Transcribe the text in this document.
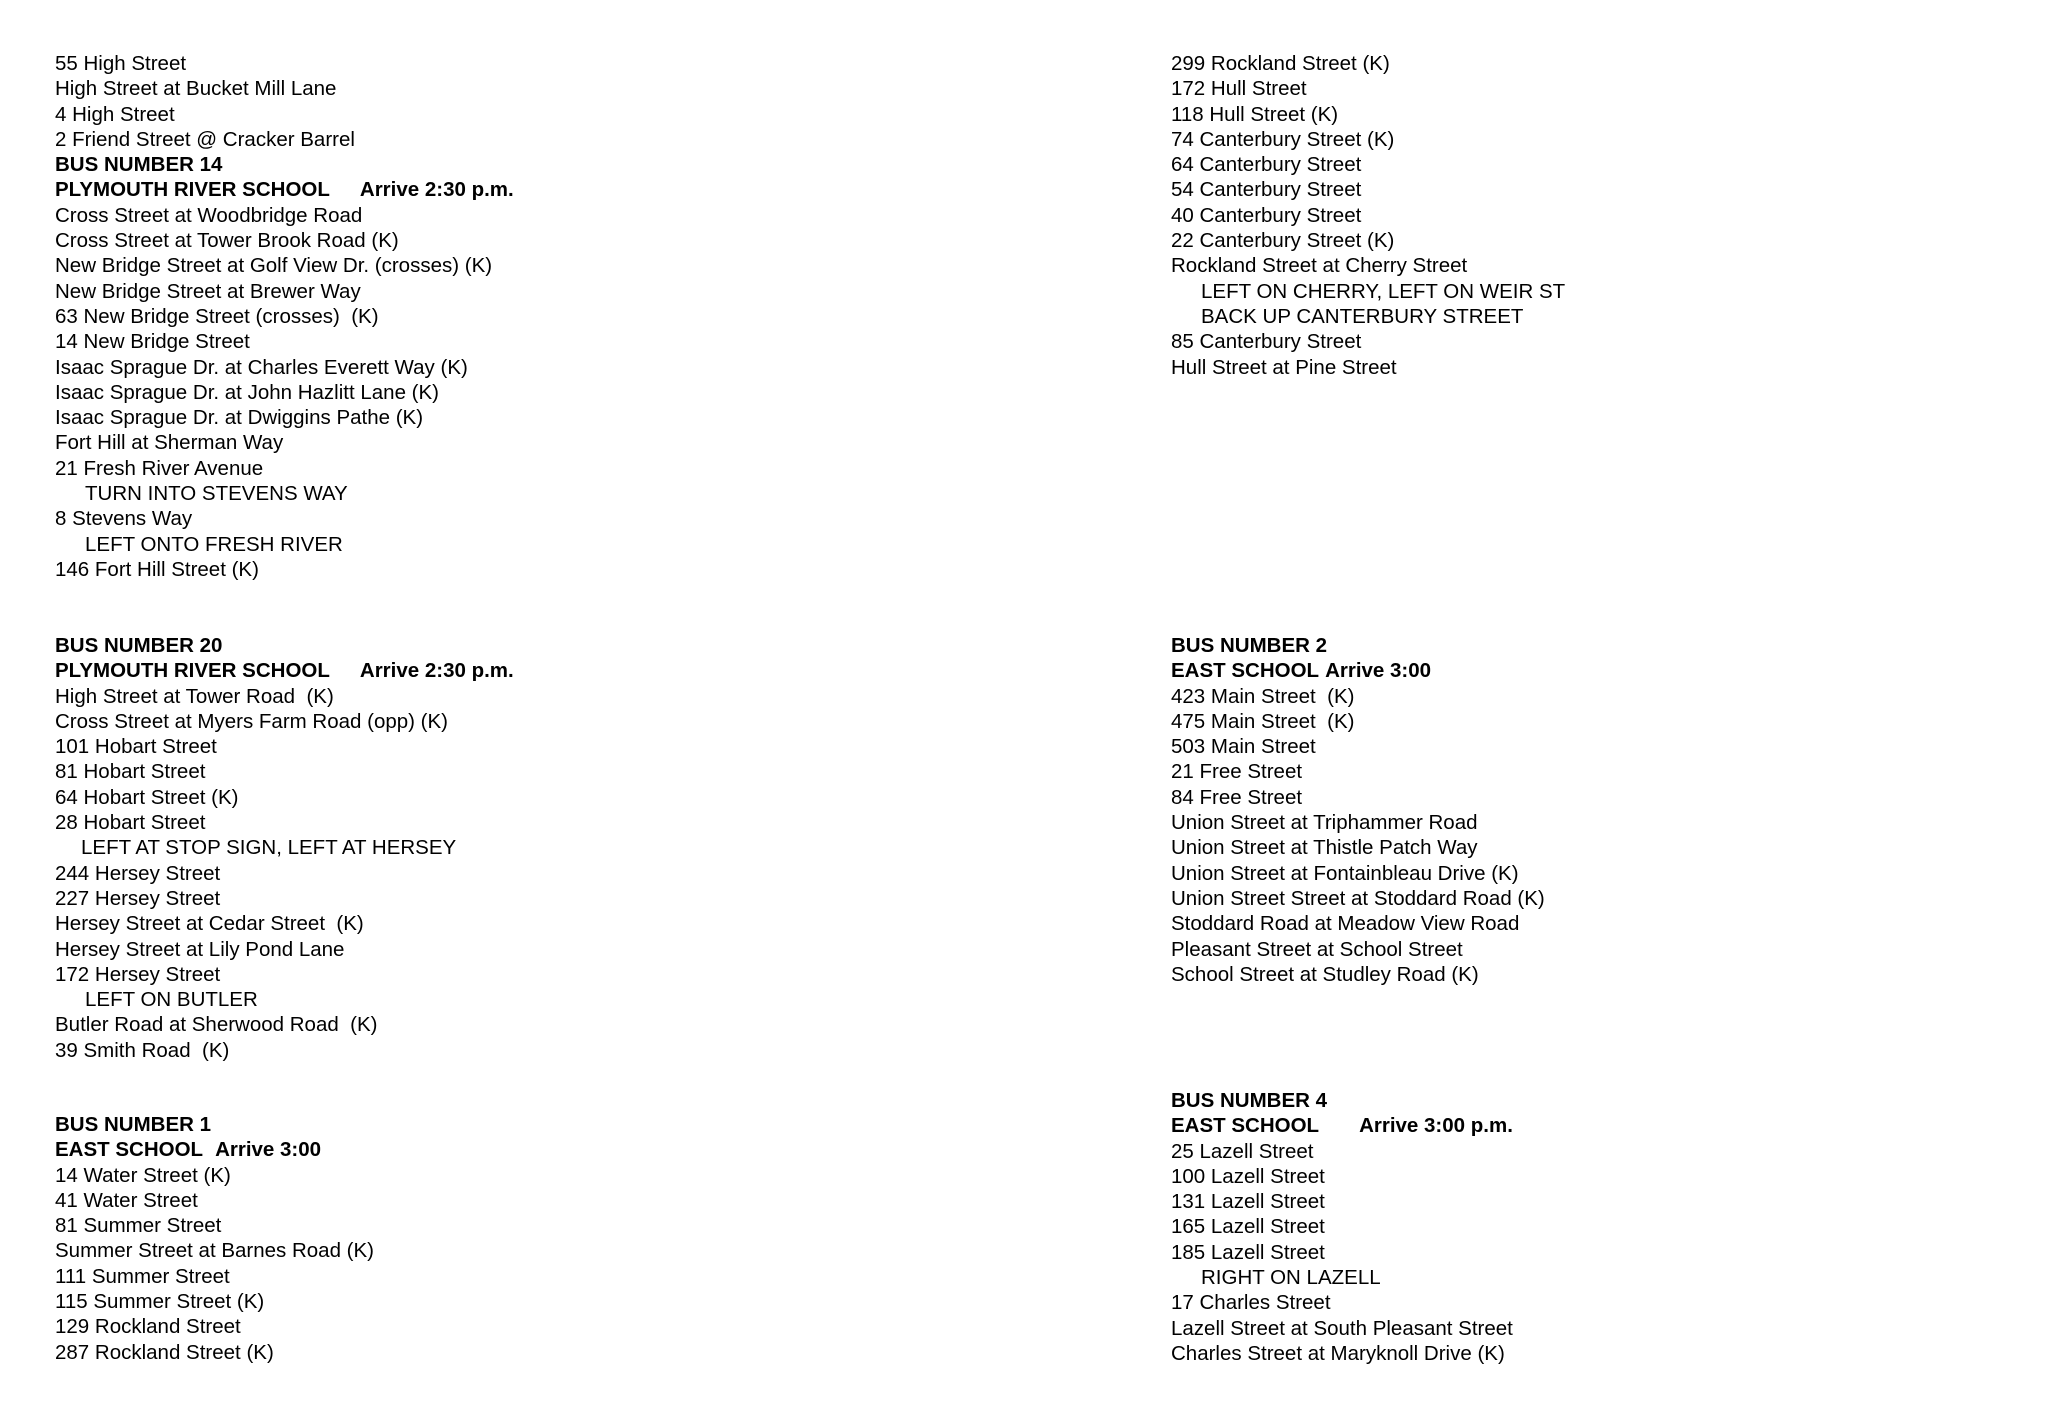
55 High Street
High Street at Bucket Mill Lane
4 High Street
2 Friend Street @ Cracker Barrel
BUS NUMBER 14
PLYMOUTH RIVER SCHOOL Arrive 2:30 p.m.
Cross Street at Woodbridge Road
Cross Street at Tower Brook Road (K)
New Bridge Street at Golf View Dr. (crosses) (K)
New Bridge Street at Brewer Way
63 New Bridge Street (crosses)  (K)
14 New Bridge Street
Isaac Sprague Dr. at Charles Everett Way (K)
Isaac Sprague Dr. at John Hazlitt Lane (K)
Isaac Sprague Dr. at Dwiggins Pathe (K)
Fort Hill at Sherman Way
21 Fresh River Avenue
TURN INTO STEVENS WAY
8 Stevens Way
LEFT ONTO FRESH RIVER
146 Fort Hill Street (K)
BUS NUMBER 20
PLYMOUTH RIVER SCHOOL Arrive 2:30 p.m.
High Street at Tower Road  (K)
Cross Street at Myers Farm Road (opp) (K)
101 Hobart Street
81 Hobart Street
64 Hobart Street (K)
28 Hobart Street
LEFT AT STOP SIGN, LEFT AT HERSEY
244 Hersey Street
227 Hersey Street
Hersey Street at Cedar Street  (K)
Hersey Street at Lily Pond Lane
172 Hersey Street
LEFT ON BUTLER
Butler Road at Sherwood Road  (K)
39 Smith Road  (K)
BUS NUMBER 1
EAST SCHOOL Arrive 3:00
14 Water Street (K)
41 Water Street
81 Summer Street
Summer Street at Barnes Road (K)
111 Summer Street
115 Summer Street (K)
129 Rockland Street
287 Rockland Street (K)
299 Rockland Street (K)
172 Hull Street
118 Hull Street (K)
74 Canterbury Street (K)
64 Canterbury Street
54 Canterbury Street
40 Canterbury Street
22 Canterbury Street (K)
Rockland Street at Cherry Street
LEFT ON CHERRY, LEFT ON WEIR ST
BACK UP CANTERBURY STREET
85 Canterbury Street
Hull Street at Pine Street
BUS NUMBER 2
EAST SCHOOL Arrive 3:00
423 Main Street  (K)
475 Main Street  (K)
503 Main Street
21 Free Street
84 Free Street
Union Street at Triphammer Road
Union Street at Thistle Patch Way
Union Street at Fontainbleau Drive (K)
Union Street Street at Stoddard Road (K)
Stoddard Road at Meadow View Road
Pleasant Street at School Street
School Street at Studley Road (K)
BUS NUMBER 4
EAST SCHOOL Arrive 3:00 p.m.
25 Lazell Street
100 Lazell Street
131 Lazell Street
165 Lazell Street
185 Lazell Street
RIGHT ON LAZELL
17 Charles Street
Lazell Street at South Pleasant Street
Charles Street at Maryknoll Drive (K)
